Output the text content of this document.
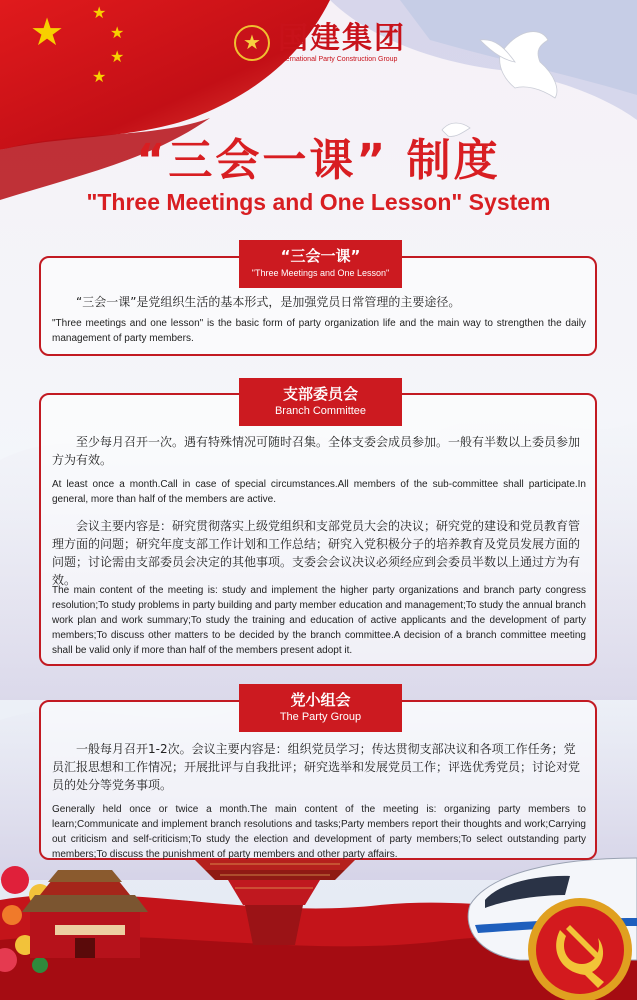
★ ★
★
★
★
★
国建集团
International Party Construction Group
“三会一课” 制度
"Three Meetings and One Lesson" System
“三会一课”
"Three Meetings and One Lesson"
“三会一课”是党组织生活的基本形式，是加强党员日常管理的主要途径。
"Three meetings and one lesson" is the basic form of party organization life and the main way to strengthen the daily management of party members.
支部委员会
Branch Committee
至少每月召开一次。遇有特殊情况可随时召集。全体支委会成员参加。一般有半数以上委员参加方为有效。
At least once a month.Call in case of special circumstances.All members of the sub-committee shall participate.In general, more than half of the members are active.
会议主要内容是：研究贯彻落实上级党组织和支部党员大会的决议；研究党的建设和党员教育管理方面的问题；研究年度支部工作计划和工作总结；研究入党积极分子的培养教育及党员发展方面的问题；讨论需由支部委员会决定的其他事项。支委会会议决议必须经应到会委员半数以上通过方为有效。
The main content of the meeting is: study and implement the higher party organizations and branch party congress resolution;To study problems in party building and party member education and management;To study the annual branch work plan and work summary;To study the training and education of active applicants and the development of party members;To discuss other matters to be decided by the branch committee.A decision of a branch committee meeting shall be valid only if more than half of the members present adopt it.
党小组会
The Party Group
一般每月召开1-2次。会议主要内容是：组织党员学习；传达贯彻支部决议和各项工作任务；党员汇报思想和工作情况；开展批评与自我批评；研究选举和发展党员工作；评选优秀党员；讨论对党员的处分等党务事项。
Generally held once or twice a month.The main content of the meeting is: organizing party members to learn;Communicate and implement branch resolutions and tasks;Party members report their thoughts and work;Carrying out criticism and self-criticism;To study the election and development of party members;To select outstanding party members;To discuss the punishment of party members and other party affairs.
